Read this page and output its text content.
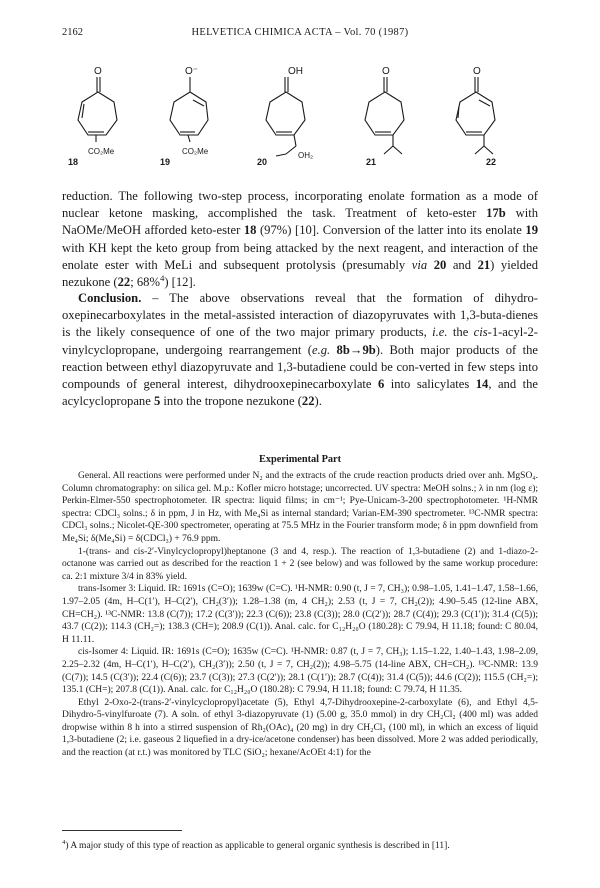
2162	HELVETICA CHIMICA ACTA – Vol. 70 (1987)
O
CO₂Me
18
O⁻
CO₂Me
19
OH
OH₂
20
O
21
O
22

reduction. The following two-step process, incorporating enolate formation as a mode of nuclear ketone masking, accomplished the task. Treatment of keto-ester 17b with NaOMe/MeOH afforded keto-ester 18 (97%) [10]. Conversion of the latter into its enolate 19 with KH kept the keto group from being attacked by the next reagent, and interaction of the enolate ester with MeLi and subsequent protolysis (presumably via 20 and 21) yielded nezukone (22; 68%$^4$) [12].

Conclusion. – The above observations reveal that the formation of dihydro-oxepinecarboxylates in the metal-assisted interaction of diazopyruvates with 1,3-buta-dienes is the likely consequence of one of the two major primary products, i.e. the cis-1-acyl-2-vinylcyclopropane, undergoing rearrangement (e.g. 8b→9b). Both major products of the reaction between ethyl diazopyruvate and 1,3-butadiene could be con-verted in few steps into compounds of general interest, dihydrooxepinecarboxylate 6 into salicylates 14, and the acylcyclopropane 5 into the tropone nezukone (22).

Experimental Part

General. All reactions were performed under N₂ and the extracts of the crude reaction products dried over anh. MgSO₄. Column chromatography: on silica gel. M.p.: Kofler micro hotstage; uncorrected. UV spectra: MeOH solns.; λ in nm (log ε); Perkin-Elmer-550 spectrophotometer. IR spectra: liquid films; in cm⁻¹; Pye-Unicam-3-200 spectrophotometer. ¹H-NMR spectra: CDCl₃ solns.; δ in ppm, J in Hz, with Me₄Si as internal standard; Varian-EM-390 spectrometer. ¹³C-NMR spectra: CDCl₃ solns.; Nicolet-QE-300 spectrometer, operating at 75.5 MHz in the Fourier transform mode; δ in ppm downfield from Me₄Si; δ(Me₄Si) = δ(CDCl₃) + 76.9 ppm.

1-(trans- and cis-2′-Vinylcyclopropyl)heptanone (3 and 4, resp.). The reaction of 1,3-butadiene (2) and 1-diazo-2-octanone was carried out as described for the reaction 1 + 2 (see below) and was followed by the same workup procedure: ca. 2:1 mixture 3/4 in 83% yield.

trans-Isomer 3: Liquid. IR: 1691s (C=O); 1639w (C=C). ¹H-NMR: 0.90 (t, J = 7, CH₃); 0.98–1.05, 1.41–1.47, 1.58–1.66, 1.97–2.05 (4m, H–C(1′), H–C(2′), CH₂(3′)); 1.28–1.38 (m, 4 CH₂); 2.53 (t, J = 7, CH₂(2)); 4.90–5.45 (12-line ABX, CH=CH₂). ¹³C-NMR: 13.8 (C(7)); 17.2 (C(3′)); 22.3 (C(6)); 23.8 (C(3)); 28.0 (C(2′)); 28.7 (C(4)); 29.3 (C(1′)); 31.4 (C(5)); 43.7 (C(2)); 114.3 (CH₂=); 138.3 (CH=); 208.9 (C(1)). Anal. calc. for C₁₂H₂₀O (180.28): C 79.94, H 11.18; found: C 80.04, H 11.11.

cis-Isomer 4: Liquid. IR: 1691s (C=O); 1635w (C=C). ¹H-NMR: 0.87 (t, J = 7, CH₃); 1.15–1.22, 1.40–1.43, 1.98–2.09, 2.25–2.32 (4m, H–C(1′), H–C(2′), CH₂(3′)); 2.50 (t, J = 7, CH₂(2)); 4.98–5.75 (14-line ABX, CH=CH₂). ¹³C-NMR: 13.9 (C(7)); 14.5 (C(3′)); 22.4 (C(6)); 23.7 (C(3)); 27.3 (C(2′)); 28.1 (C(1′)); 28.7 (C(4)); 31.4 (C(5)); 44.6 (C(2)); 115.5 (CH₂=); 135.1 (CH=); 207.8 (C(1)). Anal. calc. for C₁₂H₂₀O (180.28): C 79.94, H 11.18; found: C 79.74, H 11.35.

Ethyl 2-Oxo-2-(trans-2′-vinylcyclopropyl)acetate (5), Ethyl 4,7-Dihydrooxepine-2-carboxylate (6), and Ethyl 4,5-Dihydro-5-vinylfuroate (7). A soln. of ethyl 3-diazopyruvate (1) (5.00 g, 35.0 mmol) in dry CH₂Cl₂ (400 ml) was added dropwise within 8 h into a stirred suspension of Rh₂(OAc)₄ (20 mg) in dry CH₂Cl₂ (100 ml), in which an excess of liquid 1,3-butadiene (2; i.e. gaseous 2 liquefied in a dry-ice/acetone condenser) has been dissolved. More 2 was added periodically, and the reaction (at r.t.) was monitored by TLC (SiO₂; hexane/AcOEt 4:1) for the

$^4$) A major study of this type of reaction as applicable to general organic synthesis is described in [11].
